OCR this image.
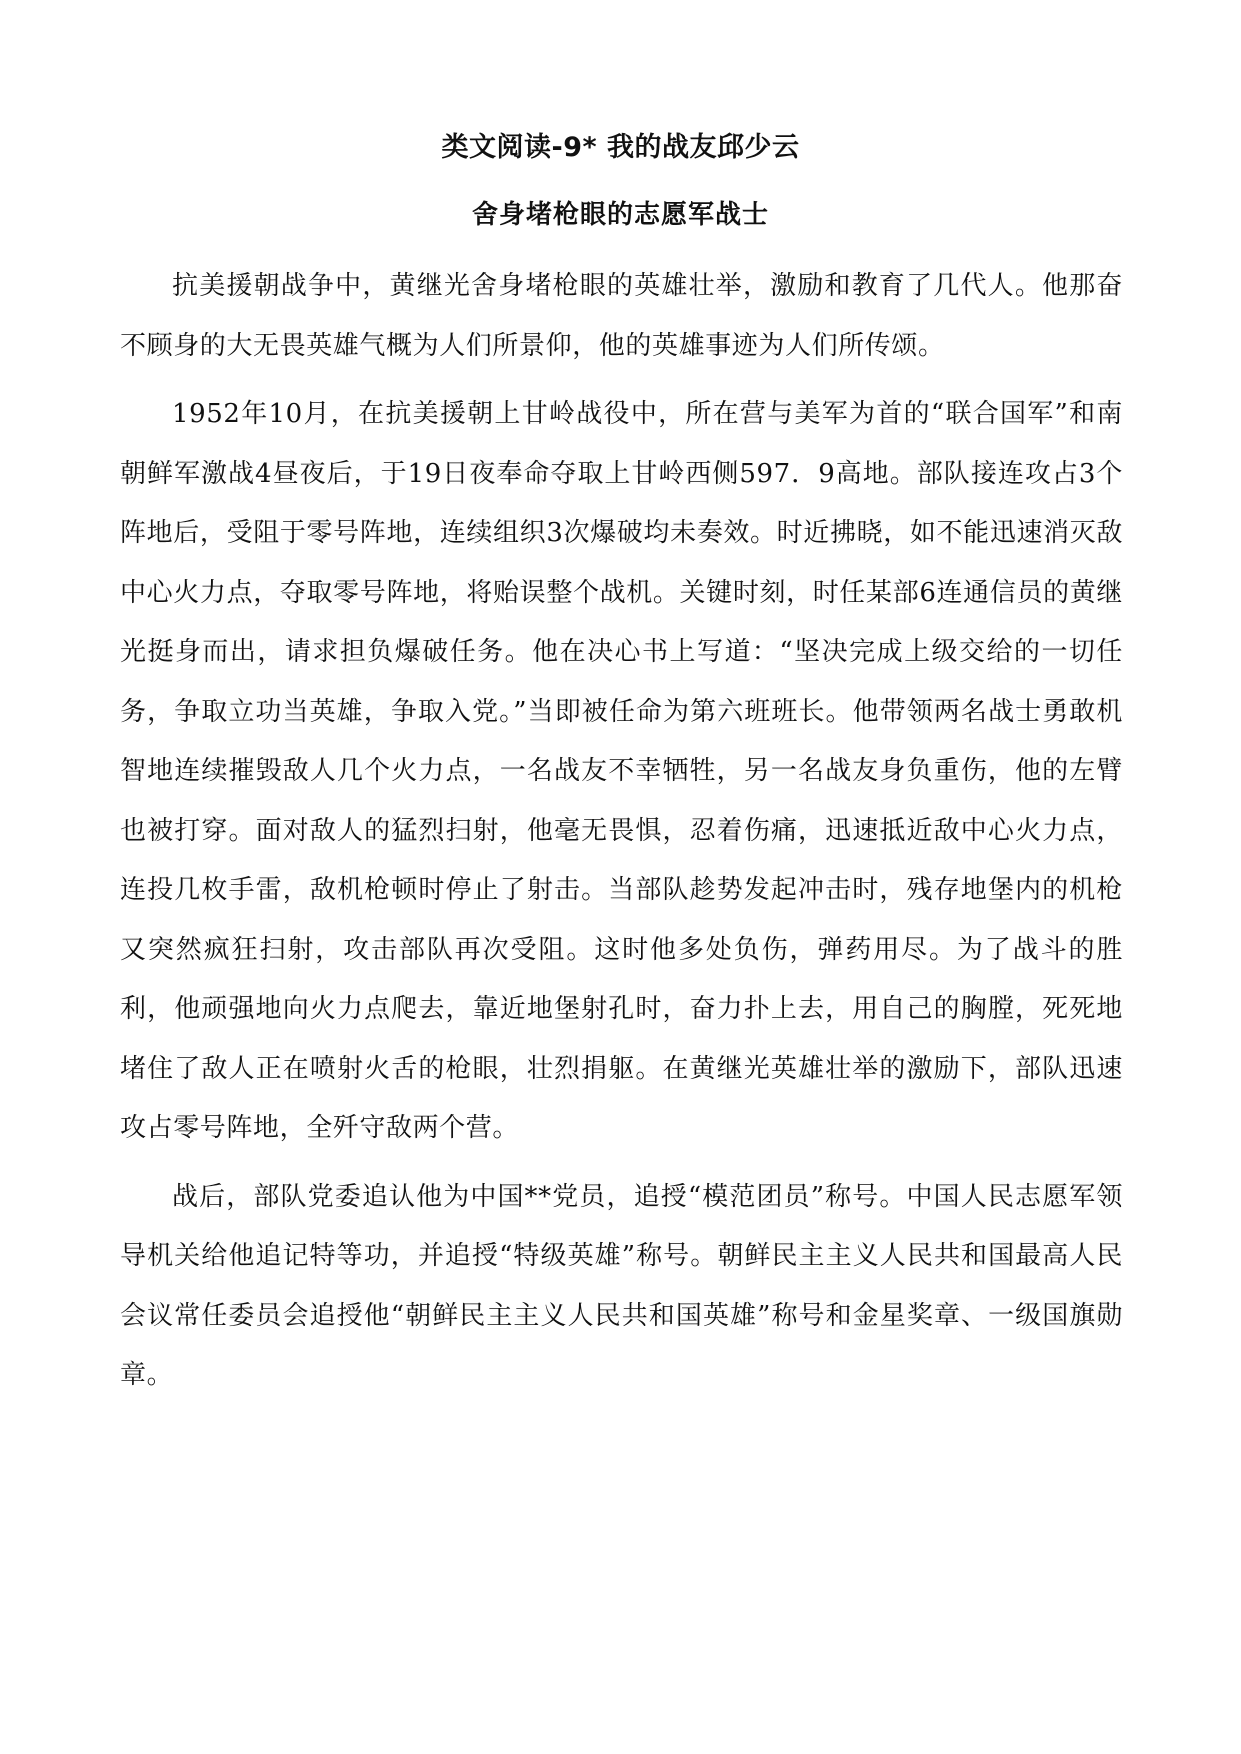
类文阅读-9* 我的战友邱少云
舍身堵枪眼的志愿军战士

抗美援朝战争中，黄继光舍身堵枪眼的英雄壮举，激励和教育了几代人。他那奋不顾身的大无畏英雄气概为人们所景仰，他的英雄事迹为人们所传颂。

1952年10月，在抗美援朝上甘岭战役中，所在营与美军为首的“联合国军”和南朝鲜军激战4昼夜后，于19日夜奉命夺取上甘岭西侧597．9高地。部队接连攻占3个阵地后，受阻于零号阵地，连续组织3次爆破均未奏效。时近拂晓，如不能迅速消灭敌中心火力点，夺取零号阵地，将贻误整个战机。关键时刻，时任某部6连通信员的黄继光挺身而出，请求担负爆破任务。他在决心书上写道：“坚决完成上级交给的一切任务，争取立功当英雄，争取入党。”当即被任命为第六班班长。他带领两名战士勇敢机智地连续摧毁敌人几个火力点，一名战友不幸牺牲，另一名战友身负重伤，他的左臂也被打穿。面对敌人的猛烈扫射，他毫无畏惧，忍着伤痛，迅速抵近敌中心火力点，连投几枚手雷，敌机枪顿时停止了射击。当部队趁势发起冲击时，残存地堡内的机枪又突然疯狂扫射，攻击部队再次受阻。这时他多处负伤，弹药用尽。为了战斗的胜利，他顽强地向火力点爬去，靠近地堡射孔时，奋力扑上去，用自己的胸膛，死死地堵住了敌人正在喷射火舌的枪眼，壮烈捐躯。在黄继光英雄壮举的激励下，部队迅速攻占零号阵地，全歼守敌两个营。

战后，部队党委追认他为中国**党员，追授“模范团员”称号。中国人民志愿军领导机关给他追记特等功，并追授“特级英雄”称号。朝鲜民主主义人民共和国最高人民会议常任委员会追授他“朝鲜民主主义人民共和国英雄”称号和金星奖章、一级国旗勋章。
